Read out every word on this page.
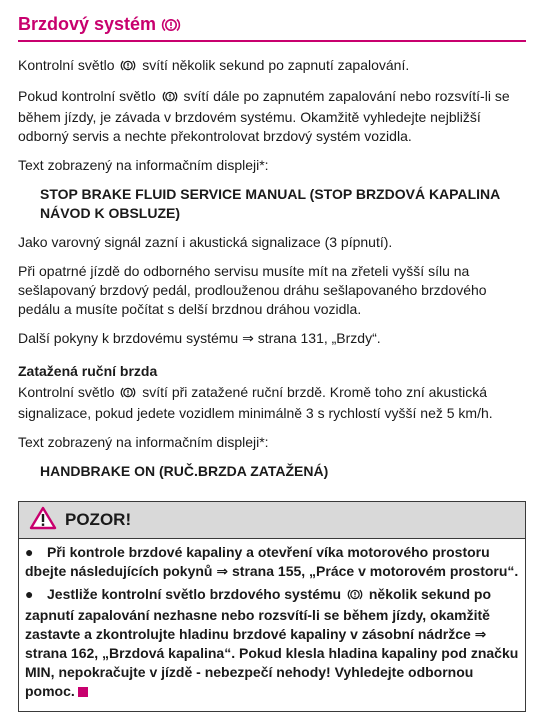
Brzdový systém

Kontrolní světlo svítí několik sekund po zapnutí zapalování.

Pokud kontrolní světlo svítí dále po zapnutém zapalování nebo rozsvítí-li se během jízdy, je závada v brzdovém systému. Okamžitě vyhledejte nejbližší odborný servis a nechte překontrolovat brzdový systém vozidla.

Text zobrazený na informačním displeji*:

STOP BRAKE FLUID SERVICE MANUAL (STOP BRZDOVÁ KAPALINA NÁVOD K OBSLUZE)

Jako varovný signál zazní i akustická signalizace (3 pípnutí).

Při opatrné jízdě do odborného servisu musíte mít na zřeteli vyšší sílu na sešlapovaný brzdový pedál, prodlouženou dráhu sešlapovaného brzdového pedálu a musíte počítat s delší brzdnou dráhou vozidla.

Další pokyny k brzdovému systému ⇒ strana 131, „Brzdy“.

Zatažená ruční brzda

Kontrolní světlo svítí při zatažené ruční brzdě. Kromě toho zní akustická signalizace, pokud jedete vozidlem minimálně 3 s rychlostí vyšší než 5 km/h.

Text zobrazený na informačním displeji*:

HANDBRAKE ON (RUČ.BRZDA ZATAŽENÁ)

POZOR!

● Při kontrole brzdové kapaliny a otevření víka motorového prostoru dbejte následujících pokynů ⇒ strana 155, „Práce v motorovém prostoru“.

● Jestliže kontrolní světlo brzdového systému několik sekund po zapnutí zapalování nezhasne nebo rozsvítí-li se během jízdy, okamžitě zastavte a zkontrolujte hladinu brzdové kapaliny v zásobní nádržce ⇒ strana 162, „Brzdová kapalina“. Pokud klesla hladina kapaliny pod značku MIN, nepokračujte v jízdě - nebezpečí nehody! Vyhledejte odbornou pomoc.
